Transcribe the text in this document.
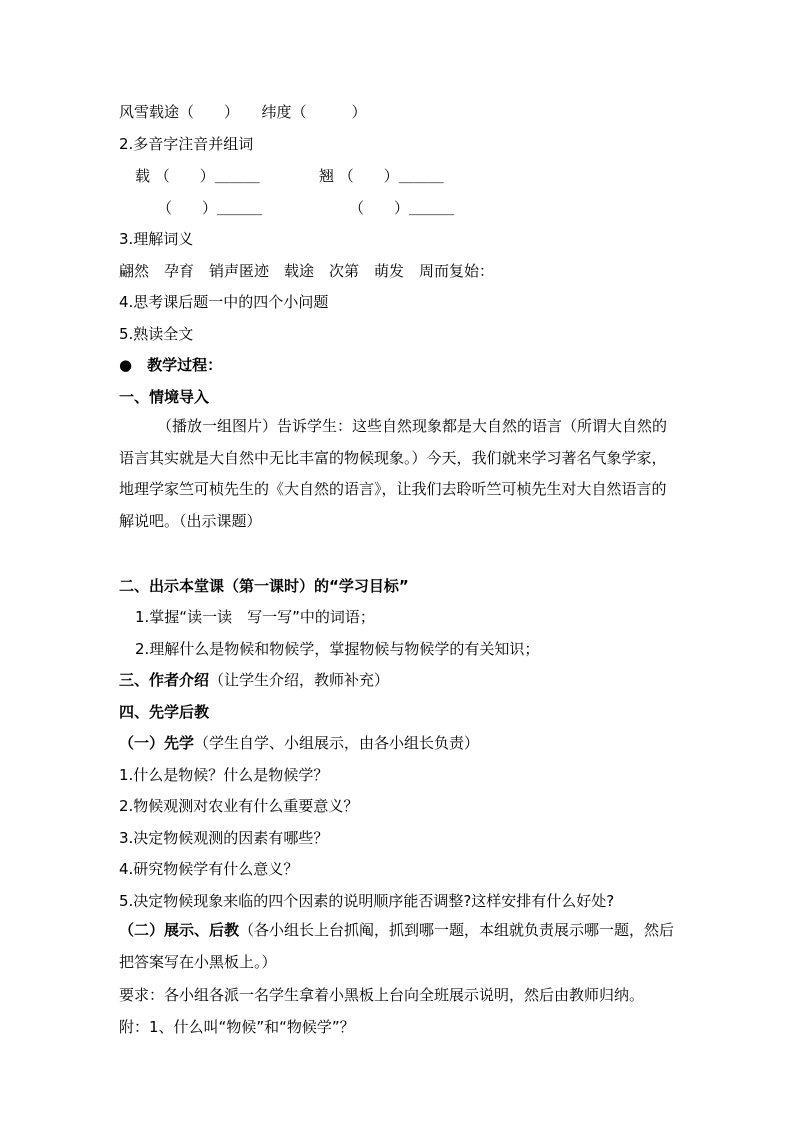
风雪载途（　　）　　纬度（　　　）
2.多音字注音并组词
载 （　　）＿＿＿	翘 （　　）＿＿＿
（　　）＿＿＿	（　　）＿＿＿
3.理解词义
翩然　孕育　销声匿迹　载途　次第　萌发　周而复始：
4.思考课后题一中的四个小问题
5.熟读全文
●　教学过程：
一、情境导入
（播放一组图片）告诉学生：这些自然现象都是大自然的语言（所谓大自然的语言其实就是大自然中无比丰富的物候现象。）今天，我们就来学习著名气象学家，地理学家竺可桢先生的《大自然的语言》，让我们去聆听竺可桢先生对大自然语言的解说吧。（出示课题）
二、出示本堂课（第一课时）的“学习目标”
1.掌握“读一读　写一写”中的词语；
2.理解什么是物候和物候学，掌握物候与物候学的有关知识；
三、作者介绍（让学生介绍，教师补充）
四、先学后教
（一）先学（学生自学、小组展示，由各小组长负责）
1.什么是物候？什么是物候学？
2.物候观测对农业有什么重要意义？
3.决定物候观测的因素有哪些？
4.研究物候学有什么意义？
5.决定物候现象来临的四个因素的说明顺序能否调整?这样安排有什么好处?
（二）展示、后教（各小组长上台抓阄，抓到哪一题，本组就负责展示哪一题，然后把答案写在小黑板上。）
要求：各小组各派一名学生拿着小黑板上台向全班展示说明，然后由教师归纳。
附：1、什么叫“物候”和“物候学”？
